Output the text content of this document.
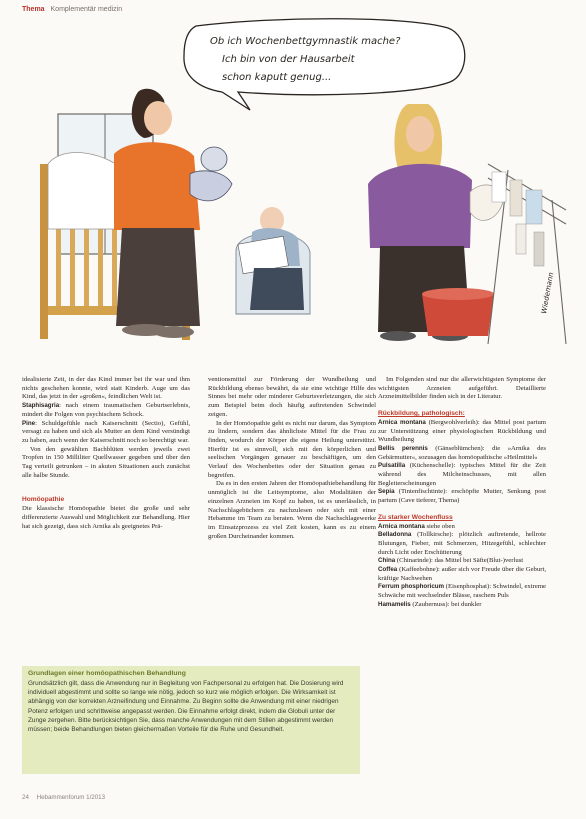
Thema Komplementär medizin
Ob ich Wochenbettgymnastik mache?
Ich bin von der Hausarbeit
schon kaputt genug...
Wiedemann

idealisierte Zeit, in der das Kind immer bei ihr war und ihm nichts geschehen konnte, wird statt Kinderb. Auge um das Kind, das jetzt in der »großen«, feindlichen Welt ist.

Staphisagria: nach einem traumatischen Geburtserlebnis, mindert die Folgen von psychischem Schock.

Pine: Schuldgefühle nach Kaiserschnitt (Sectio), Gefühl, versagt zu haben und sich als Mutter an dem Kind versündigt zu haben, auch wenn der Kaiserschnitt noch so berechtigt war.

Von den gewählten Bachblüten werden jeweils zwei Tropfen in 150 Milliliter Quellwasser gegeben und über den Tag verteilt getrunken – in akuten Situationen auch zunächst alle halbe Stunde.

Homöopathie

Die klassische Homöopathie bietet die große und sehr differenzierte Auswahl und Möglichkeit zur Behandlung. Hier hat sich gezeigt, dass sich Arnika als geeignetes Prä-

ventionsmittel zur Förderung der Wundheilung und Rückbildung ebenso bewährt, da sie eine wichtige Hilfe des Sinnes bei mehr oder minderer Geburtsverletzungen, die sich zum Beispiel beim doch häufig auftretenden Schwindel zeigen.

In der Homöopathie geht es nicht nur darum, das Symptom zu lindern, sondern das ähnlichste Mittel für die Frau zu finden, wodurch der Körper die eigene Heilung unterstützt. Hierfür ist es sinnvoll, sich mit den körperlichen und seelischen Vorgängen genauer zu beschäftigen, um den Verlauf des Wochenbettes oder der Situation genau zu begreifen.

Da es in den ersten Jahren der Homöopathiebehandlung für unmöglich ist die Leitsymptome, also Modalitäten der einzelnen Arzneien im Kopf zu haben, ist es unerlässlich, in Nachschlagebüchern zu nachzulesen oder sich mit einer Hebamme im Team zu beraten. Wenn die Nachschlagewerke im Einsatzprozess zu viel Zeit kosten, kann es zu einem großen Durcheinander kommen.

Im Folgenden sind nur die allerwichtigsten Symptome der wichtigsten Arzneien aufgeführt. Detaillierte Arzneimittelbilder finden sich in der Literatur.

Rückbildung, pathologisch:

Arnica montana (Bergwohlverleih): das Mittel post partum zur Unterstützung einer physiologischen Rückbildung und Wundheilung

Bellis perennis (Gänseblümchen): die »Arnika des Gebärmutter«, sozusagen das homöopathische »Heilmittel«

Pulsatilla (Küchenschelle): typisches Mittel für die Zeit während des Milcheinschusses, mit allen Begleiterscheinungen

Sepia (Tintenfischtinte): erschöpfte Mutter, Senkung post partum (Cave tieferer, Thema)

Zu starker Wochenfluss

Arnica montana siehe oben

Belladonna (Tollkirsche): plötzlich auftretende, hellrote Blutungen, Fieber, mit Schmerzen, Hitzegefühl, schlechter durch Licht oder Erschütterung

China (Chinarinde): das Mittel bei Säfte(Blut-)verlust

Coffea (Kaffeebohne): außer sich vor Freude über die Geburt, kräftige Nachwehen

Ferrum phosphoricum (Eisenphosphat): Schwindel, extreme Schwäche mit wechselnder Blässe, raschem Puls

Hamamelis (Zaubernuss): bei dunkler

Grundlagen einer homöopathischen Behandlung
Grundsätzlich gilt, dass die Anwendung nur in Begleitung von Fachpersonal zu erfolgen hat. Die Dosierung wird individuell abgestimmt und sollte so lange wie nötig, jedoch so kurz wie möglich erfolgen. Die Wirksamkeit ist abhängig von der korrekten Arzneifindung und Einnahme. Zu Beginn sollte die Anwendung mit einer niedrigen Potenz erfolgen und schrittweise angepasst werden. Die Einnahme erfolgt direkt, indem die Globuli unter der Zunge zergehen. Bitte berücksichtigen Sie, dass manche Anwendungen mit dem Stillen abgestimmt werden müssen; beide Behandlungen bieten gleichermaßen Vorteile für die Ruhe und Gesundheit.
24 Hebammenforum 1/2013
